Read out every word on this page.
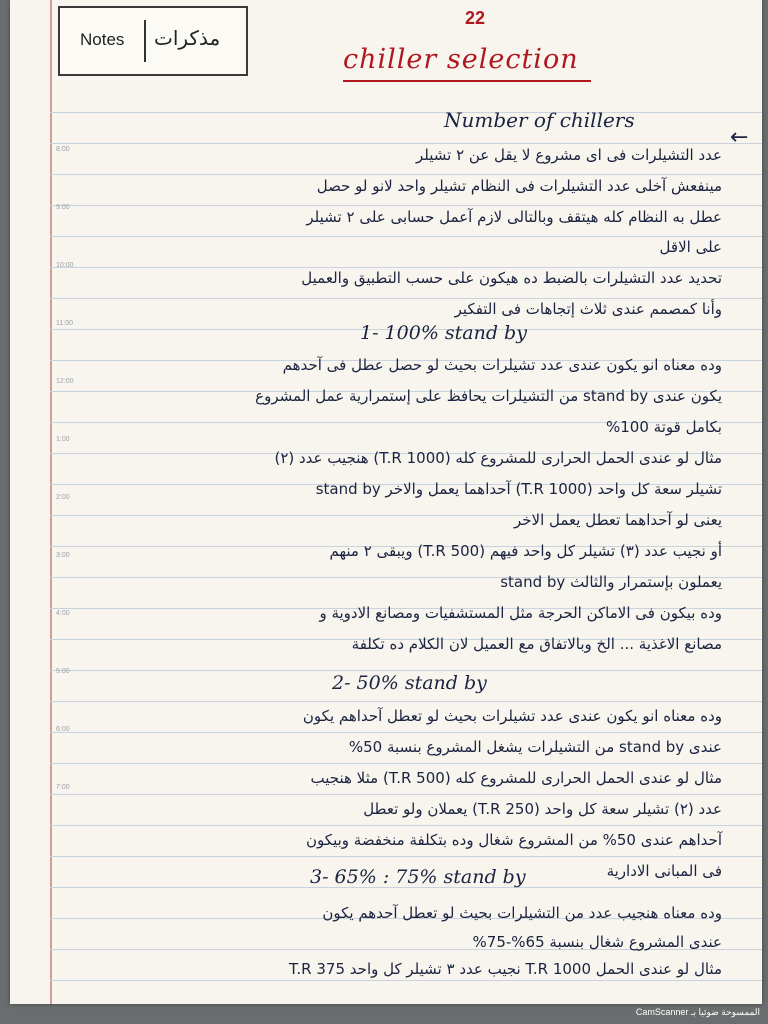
Notes مذكرات
22
chiller selection
8:00
9:00
10:00
11:00
12:00
1:00
2:00
3:00
4:00
5:00
6:00
7:00
Number of chillers
←
عدد التشيلرات فى اى مشروع لا يقل عن ٢ تشيلر
مينفعش آخلى عدد التشيلرات فى النظام تشيلر واحد لانو لو حصل
عطل به النظام كله هيتقف وبالتالى لازم آعمل حسابى على ٢ تشيلر
على الاقل
تحديد عدد التشيلرات بالضبط ده هيكون على حسب التطبيق والعميل
وأنا كمصمم عندى ثلاث إتجاهات فى التفكير
1- 100% stand by
وده معناه انو يكون عندى عدد تشيلرات بحيث لو حصل عطل فى آحدهم
يكون عندى stand by من التشيلرات يحافظ على إستمرارية عمل المشروع
بكامل قوتة 100%
مثال لو عندى الحمل الحرارى للمشروع كله (1000 T.R) هنجيب عدد (٢)
تشيلر سعة كل واحد (1000 T.R) آحداهما يعمل والاخر stand by
يعنى لو آحداهما تعطل يعمل الاخر
أو نجيب عدد (٣) تشيلر كل واحد فيهم (500 T.R) ويبقى ٢ منهم
يعملون بإستمرار والثالث stand by
وده بيكون فى الاماكن الحرجة مثل المستشفيات ومصانع الادوية و
مصانع الاغذية ... الخ وبالاتفاق مع العميل لان الكلام ده تكلفة
2- 50% stand by
وده معناه انو يكون عندى عدد تشيلرات بحيث لو تعطل آحداهم يكون
عندى stand by من التشيلرات يشغل المشروع بنسبة 50%
مثال لو عندى الحمل الحرارى للمشروع كله (500 T.R) مثلا هنجيب
عدد (٢) تشيلر سعة كل واحد (250 T.R) يعملان ولو تعطل
آحداهم عندى 50% من المشروع شغال وده بتكلفة منخفضة وبيكون
فى المبانى الادارية
3- 65% : 75% stand by
وده معناه هنجيب عدد من التشيلرات بحيث لو تعطل آحدهم يكون
عندى المشروع شغال بنسبة 65%-75%
مثال لو عندى الحمل 1000 T.R نجيب عدد ٣ تشيلر كل واحد 375 T.R
CamScanner الممسوحة ضوئيا بـ
